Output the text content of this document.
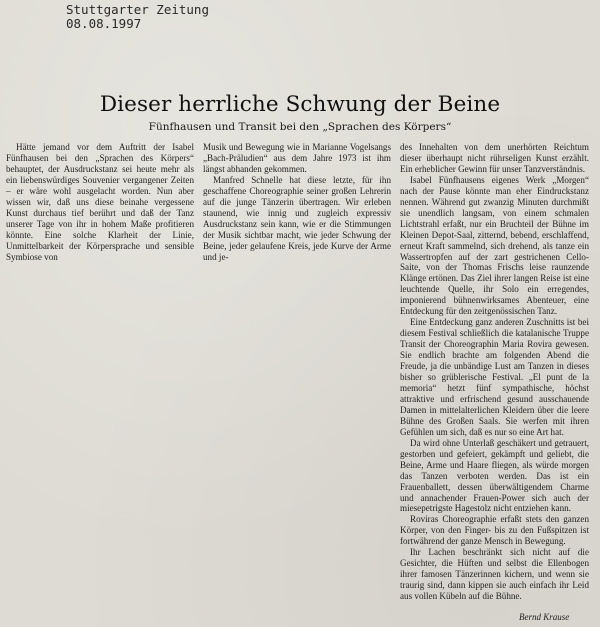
Stuttgarter Zeitung
08.08.1997
Dieser herrliche Schwung der Beine
Fünfhausen und Transit bei den „Sprachen des Körpers“

Hätte jemand vor dem Auftritt der Isabel Fünfhausen bei den „Sprachen des Körpers“ behauptet, der Ausdruckstanz sei heute mehr als ein liebenswürdiges Souvenier vergangener Zeiten – er wäre wohl ausgelacht worden. Nun aber wissen wir, daß uns diese beinahe vergessene Kunst durchaus tief berührt und daß der Tanz unserer Tage von ihr in hohem Maße profitieren könnte. Eine solche Klarheit der Linie, Unmittelbarkeit der Körpersprache und sensible Symbiose von

Musik und Bewegung wie in Marianne Vogelsangs „Bach-Präludien“ aus dem Jahre 1973 ist ihm längst abhanden gekommen.

Manfred Schnelle hat diese letzte, für ihn geschaffene Choreographie seiner großen Lehrerin auf die junge Tänzerin übertragen. Wir erleben staunend, wie innig und zugleich expressiv Ausdruckstanz sein kann, wie er die Stimmungen der Musik sichtbar macht, wie jeder Schwung der Beine, jeder gelaufene Kreis, jede Kurve der Arme und je-

des Innehalten von dem unerhörten Reichtum dieser überhaupt nicht rührseligen Kunst erzählt. Ein erheblicher Gewinn für unser Tanzverständnis.

Isabel Fünfhausens eigenes Werk „Morgen“ nach der Pause könnte man eher Eindruckstanz nennen. Während gut zwanzig Minuten durchmißt sie unendlich langsam, von einem schmalen Lichtstrahl erfaßt, nur ein Bruchteil der Bühne im Kleinen Depot-Saal, zitternd, bebend, erschlaffend, erneut Kraft sammelnd, sich drehend, als tanze ein Wassertropfen auf der zart gestrichenen Cello-Saite, von der Thomas Frischs leise raunzende Klänge ertönen. Das Ziel ihrer langen Reise ist eine leuchtende Quelle, ihr Solo ein erregendes, imponierend bühnenwirksames Abenteuer, eine Entdeckung für den zeitgenössischen Tanz.

Eine Entdeckung ganz anderen Zuschnitts ist bei diesem Festival schließlich die katalanische Truppe Transit der Choreographin Maria Rovira gewesen. Sie endlich brachte am folgenden Abend die Freude, ja die unbändige Lust am Tanzen in dieses bisher so grüblerische Festival. „El punt de la memoria“ hetzt fünf sympathische, höchst attraktive und erfrischend gesund ausschauende Damen in mittelalterlichen Kleidern über die leere Bühne des Großen Saals. Sie werfen mit ihren Gefühlen um sich, daß es nur so eine Art hat.

Da wird ohne Unterlaß geschäkert und getrauert, gestorben und gefeiert, gekämpft und geliebt, die Beine, Arme und Haare fliegen, als würde morgen das Tanzen verboten werden. Das ist ein Frauenballett, dessen überwältigendem Charme und annachender Frauen-Power sich auch der miesepetrigste Hagestolz nicht entziehen kann.

Roviras Choreographie erfaßt stets den ganzen Körper, von den Finger- bis zu den Fußspitzen ist fortwährend der ganze Mensch in Bewegung.

Ihr Lachen beschränkt sich nicht auf die Gesichter, die Hüften und selbst die Ellenbogen ihrer famosen Tänzerinnen kichern, und wenn sie traurig sind, dann kippen sie auch einfach ihr Leid aus vollen Kübeln auf die Bühne.

Bernd Krause
